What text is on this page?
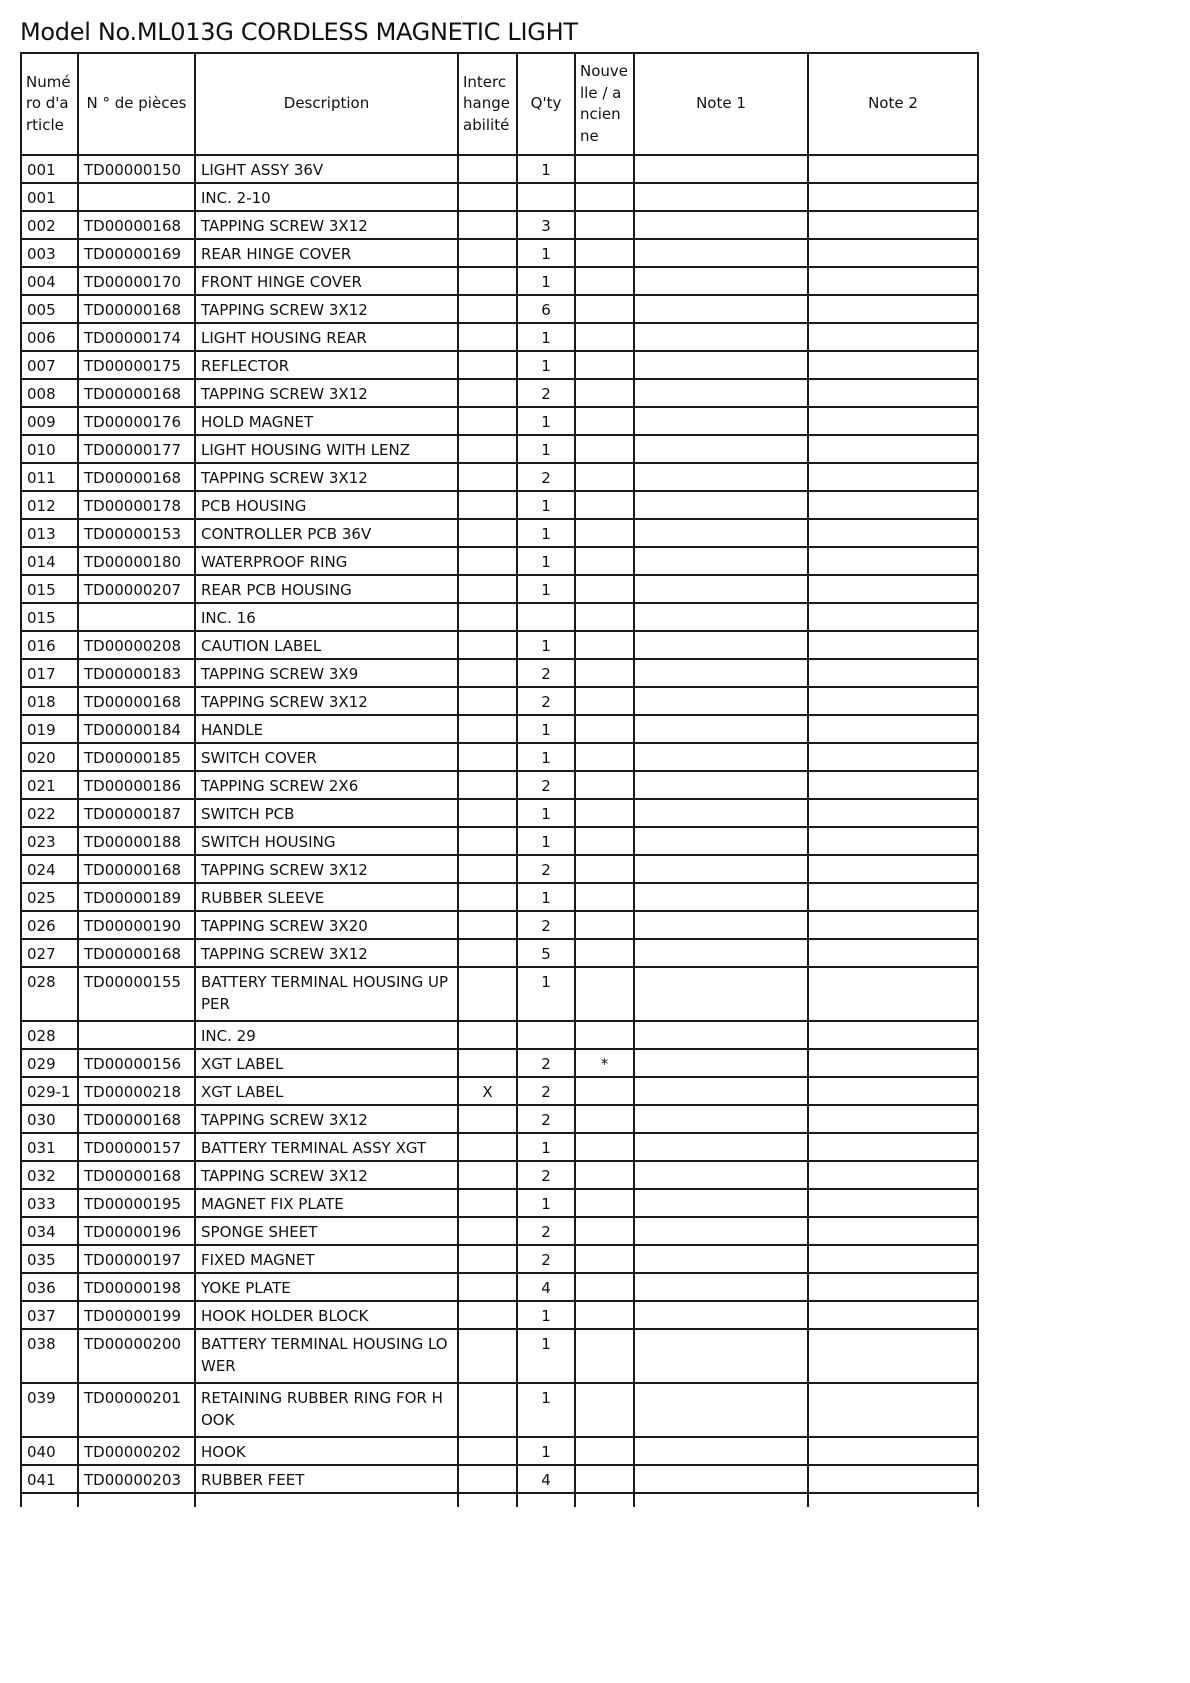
Model No.ML013G CORDLESS MAGNETIC LIGHT
Numéro d'article	N ° de pièces	Description	Interchangeabilité	Q'ty	Nouvelle / ancienne	Note 1	Note 2
001	TD00000150	LIGHT ASSY 36V		1			
001		INC. 2-10					
002	TD00000168	TAPPING SCREW 3X12		3			
003	TD00000169	REAR HINGE COVER		1			
004	TD00000170	FRONT HINGE COVER		1			
005	TD00000168	TAPPING SCREW 3X12		6			
006	TD00000174	LIGHT HOUSING REAR		1			
007	TD00000175	REFLECTOR		1			
008	TD00000168	TAPPING SCREW 3X12		2			
009	TD00000176	HOLD MAGNET		1			
010	TD00000177	LIGHT HOUSING WITH LENZ		1			
011	TD00000168	TAPPING SCREW 3X12		2			
012	TD00000178	PCB HOUSING		1			
013	TD00000153	CONTROLLER PCB 36V		1			
014	TD00000180	WATERPROOF RING		1			
015	TD00000207	REAR PCB HOUSING		1			
015		INC. 16					
016	TD00000208	CAUTION LABEL		1			
017	TD00000183	TAPPING SCREW 3X9		2			
018	TD00000168	TAPPING SCREW 3X12		2			
019	TD00000184	HANDLE		1			
020	TD00000185	SWITCH COVER		1			
021	TD00000186	TAPPING SCREW 2X6		2			
022	TD00000187	SWITCH PCB		1			
023	TD00000188	SWITCH HOUSING		1			
024	TD00000168	TAPPING SCREW 3X12		2			
025	TD00000189	RUBBER SLEEVE		1			
026	TD00000190	TAPPING SCREW 3X20		2			
027	TD00000168	TAPPING SCREW 3X12		5			
028	TD00000155	BATTERY TERMINAL HOUSING UPPER		1			
028		INC. 29					
029	TD00000156	XGT LABEL		2	*		
029-1	TD00000218	XGT LABEL	X	2			
030	TD00000168	TAPPING SCREW 3X12		2			
031	TD00000157	BATTERY TERMINAL ASSY XGT		1			
032	TD00000168	TAPPING SCREW 3X12		2			
033	TD00000195	MAGNET FIX PLATE		1			
034	TD00000196	SPONGE SHEET		2			
035	TD00000197	FIXED MAGNET		2			
036	TD00000198	YOKE PLATE		4			
037	TD00000199	HOOK HOLDER BLOCK		1			
038	TD00000200	BATTERY TERMINAL HOUSING LOWER		1			
039	TD00000201	RETAINING RUBBER RING FOR HOOK		1			
040	TD00000202	HOOK		1			
041	TD00000203	RUBBER FEET		4			
